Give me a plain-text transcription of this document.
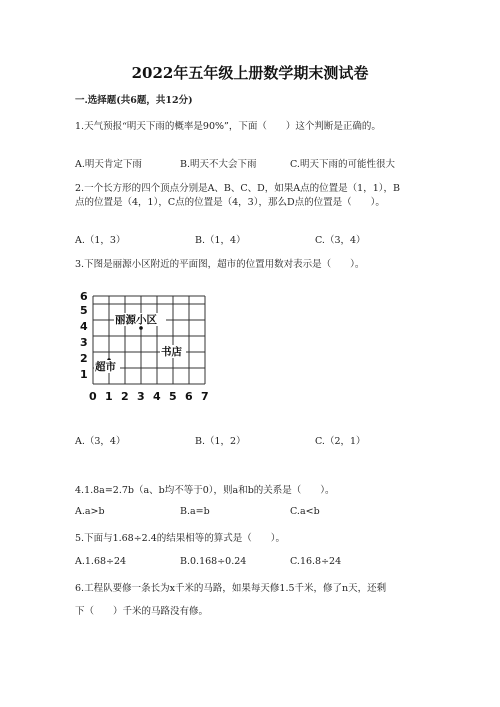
2022年五年级上册数学期末测试卷
一.选择题(共6题，共12分)
1.天气预报“明天下雨的概率是90%”，下面（　　）这个判断是正确的。
A.明天肯定下雨	B.明天不大会下雨	C.明天下雨的可能性很大
2.一个长方形的四个顶点分别是A、B、C、D，如果A点的位置是（1，1），B
点的位置是（4，1），C点的位置是（4，3），那么D点的位置是（　　）。
A.（1，3）	B.（1，4）	C.（3，4）
3.下图是丽源小区附近的平面图，超市的位置用数对表示是（　　）。
0 1 2 3 4 5 6 7
1
2
3
4
5
6
丽源小区
超市
书店
A.（3，4）	B.（1，2）	C.（2，1）
4.1.8a=2.7b（a、b均不等于0），则a和b的关系是（　　）。
A.a>b	B.a=b	C.a<b
5.下面与1.68÷2.4的结果相等的算式是（　　）。
A.1.68÷24	B.0.168÷0.24	C.16.8÷24
6.工程队要修一条长为x千米的马路，如果每天修1.5千米，修了n天，还剩
下（　　）千米的马路没有修。
